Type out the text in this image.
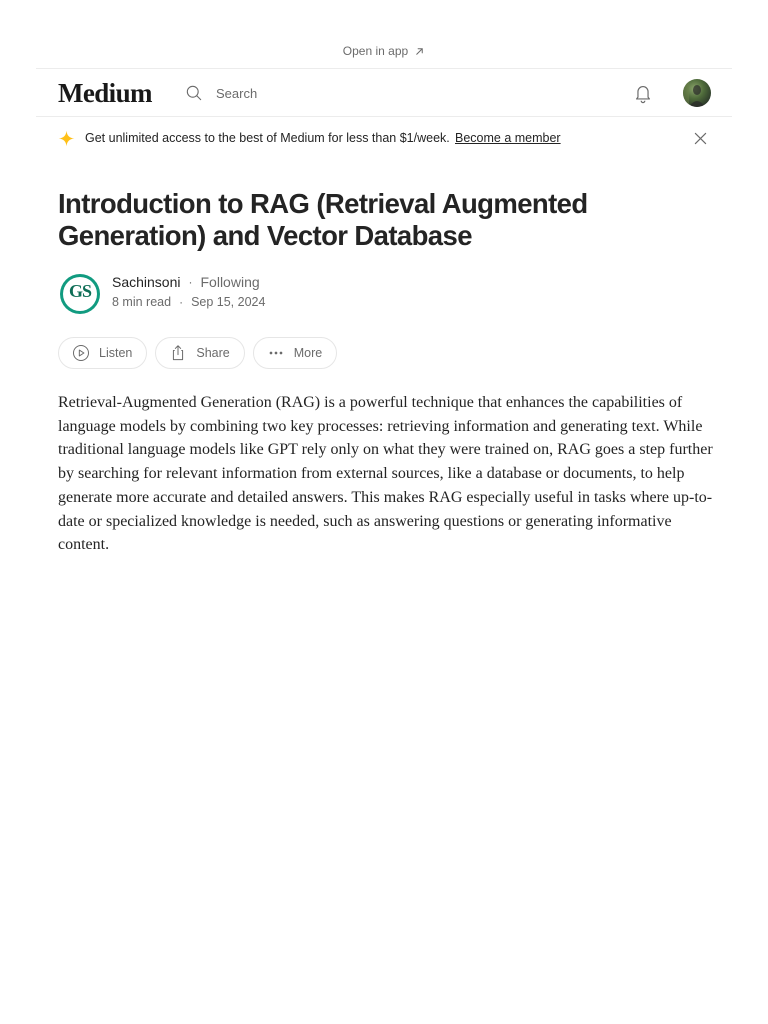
Open in app
Medium	Search
Get unlimited access to the best of Medium for less than $1/week. Become a member
Introduction to RAG (Retrieval Augmented Generation) and Vector Database
GS	Sachinsoni · Following
8 min read · Sep 15, 2024
Listen	Share	More

Retrieval-Augmented Generation (RAG) is a powerful technique that enhances the capabilities of language models by combining two key processes: retrieving information and generating text. While traditional language models like GPT rely only on what they were trained on, RAG goes a step further by searching for relevant information from external sources, like a database or documents, to help generate more accurate and detailed answers. This makes RAG especially useful in tasks where up-to-date or specialized knowledge is needed, such as answering questions or generating informative content.
